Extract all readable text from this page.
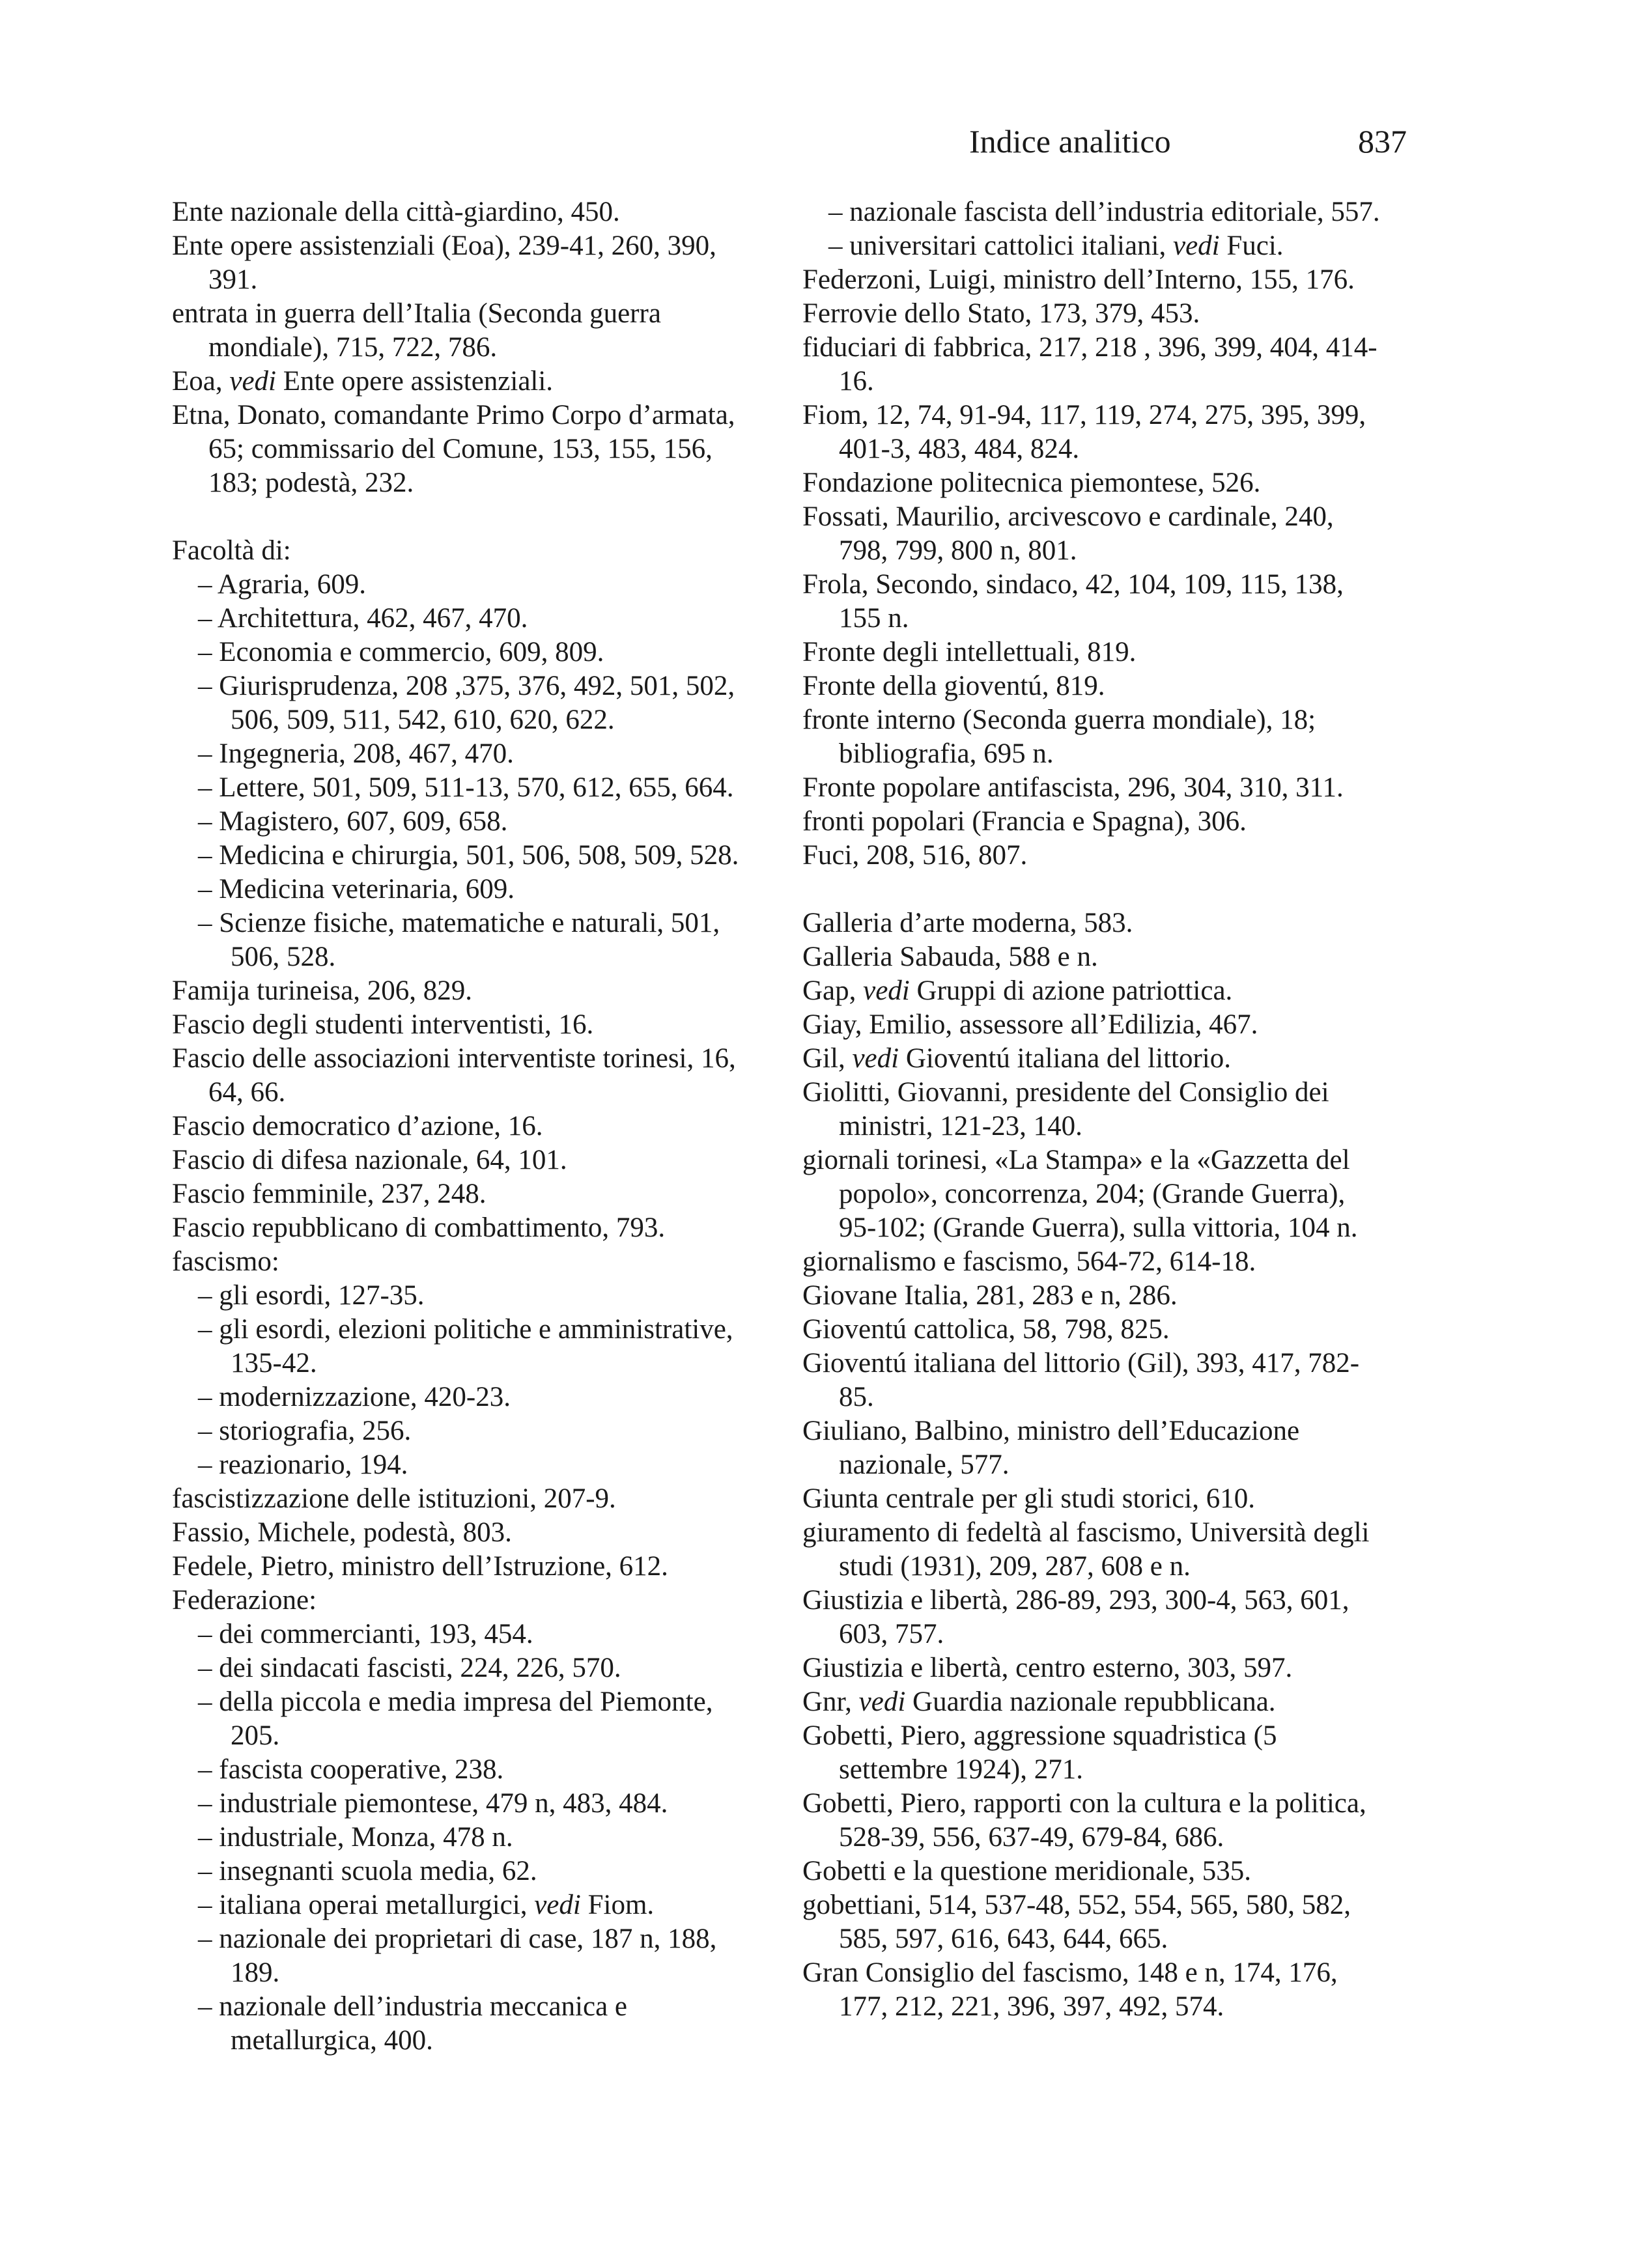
Indice analitico	837
Ente nazionale della città-giardino, 450.
Ente opere assistenziali (Eoa), 239-41, 260, 390, 391.
entrata in guerra dell’Italia (Seconda guerra mondiale), 715, 722, 786.
Eoa, vedi Ente opere assistenziali.
Etna, Donato, comandante Primo Corpo d’armata, 65; commissario del Comune, 153, 155, 156, 183; podestà, 232.
Facoltà di:
– Agraria, 609.
– Architettura, 462, 467, 470.
– Economia e commercio, 609, 809.
– Giurisprudenza, 208 ,375, 376, 492, 501, 502, 506, 509, 511, 542, 610, 620, 622.
– Ingegneria, 208, 467, 470.
– Lettere, 501, 509, 511-13, 570, 612, 655, 664.
– Magistero, 607, 609, 658.
– Medicina e chirurgia, 501, 506, 508, 509, 528.
– Medicina veterinaria, 609.
– Scienze fisiche, matematiche e naturali, 501, 506, 528.
Famija turineisa, 206, 829.
Fascio degli studenti interventisti, 16.
Fascio delle associazioni interventiste torinesi, 16, 64, 66.
Fascio democratico d’azione, 16.
Fascio di difesa nazionale, 64, 101.
Fascio femminile, 237, 248.
Fascio repubblicano di combattimento, 793.
fascismo:
– gli esordi, 127-35.
– gli esordi, elezioni politiche e amministrative, 135-42.
– modernizzazione, 420-23.
– storiografia, 256.
– reazionario, 194.
fascistizzazione delle istituzioni, 207-9.
Fassio, Michele, podestà, 803.
Fedele, Pietro, ministro dell’Istruzione, 612.
Federazione:
– dei commercianti, 193, 454.
– dei sindacati fascisti, 224, 226, 570.
– della piccola e media impresa del Piemonte, 205.
– fascista cooperative, 238.
– industriale piemontese, 479 n, 483, 484.
– industriale, Monza, 478 n.
– insegnanti scuola media, 62.
– italiana operai metallurgici, vedi Fiom.
– nazionale dei proprietari di case, 187 n, 188, 189.
– nazionale dell’industria meccanica e metallurgica, 400.
– nazionale fascista dell’industria editoriale, 557.
– universitari cattolici italiani, vedi Fuci.
Federzoni, Luigi, ministro dell’Interno, 155, 176.
Ferrovie dello Stato, 173, 379, 453.
fiduciari di fabbrica, 217, 218 , 396, 399, 404, 414-16.
Fiom, 12, 74, 91-94, 117, 119, 274, 275, 395, 399, 401-3, 483, 484, 824.
Fondazione politecnica piemontese, 526.
Fossati, Maurilio, arcivescovo e cardinale, 240, 798, 799, 800 n, 801.
Frola, Secondo, sindaco, 42, 104, 109, 115, 138, 155 n.
Fronte degli intellettuali, 819.
Fronte della gioventú, 819.
fronte interno (Seconda guerra mondiale), 18; bibliografia, 695 n.
Fronte popolare antifascista, 296, 304, 310, 311.
fronti popolari (Francia e Spagna), 306.
Fuci, 208, 516, 807.
Galleria d’arte moderna, 583.
Galleria Sabauda, 588 e n.
Gap, vedi Gruppi di azione patriottica.
Giay, Emilio, assessore all’Edilizia, 467.
Gil, vedi Gioventú italiana del littorio.
Giolitti, Giovanni, presidente del Consiglio dei ministri, 121-23, 140.
giornali torinesi, «La Stampa» e la «Gazzetta del popolo», concorrenza, 204; (Grande Guerra), 95-102; (Grande Guerra), sulla vittoria, 104 n.
giornalismo e fascismo, 564-72, 614-18.
Giovane Italia, 281, 283 e n, 286.
Gioventú cattolica, 58, 798, 825.
Gioventú italiana del littorio (Gil), 393, 417, 782-85.
Giuliano, Balbino, ministro dell’Educazione nazionale, 577.
Giunta centrale per gli studi storici, 610.
giuramento di fedeltà al fascismo, Università degli studi (1931), 209, 287, 608 e n.
Giustizia e libertà, 286-89, 293, 300-4, 563, 601, 603, 757.
Giustizia e libertà, centro esterno, 303, 597.
Gnr, vedi Guardia nazionale repubblicana.
Gobetti, Piero, aggressione squadristica (5 settembre 1924), 271.
Gobetti, Piero, rapporti con la cultura e la politica, 528-39, 556, 637-49, 679-84, 686.
Gobetti e la questione meridionale, 535.
gobettiani, 514, 537-48, 552, 554, 565, 580, 582, 585, 597, 616, 643, 644, 665.
Gran Consiglio del fascismo, 148 e n, 174, 176, 177, 212, 221, 396, 397, 492, 574.
